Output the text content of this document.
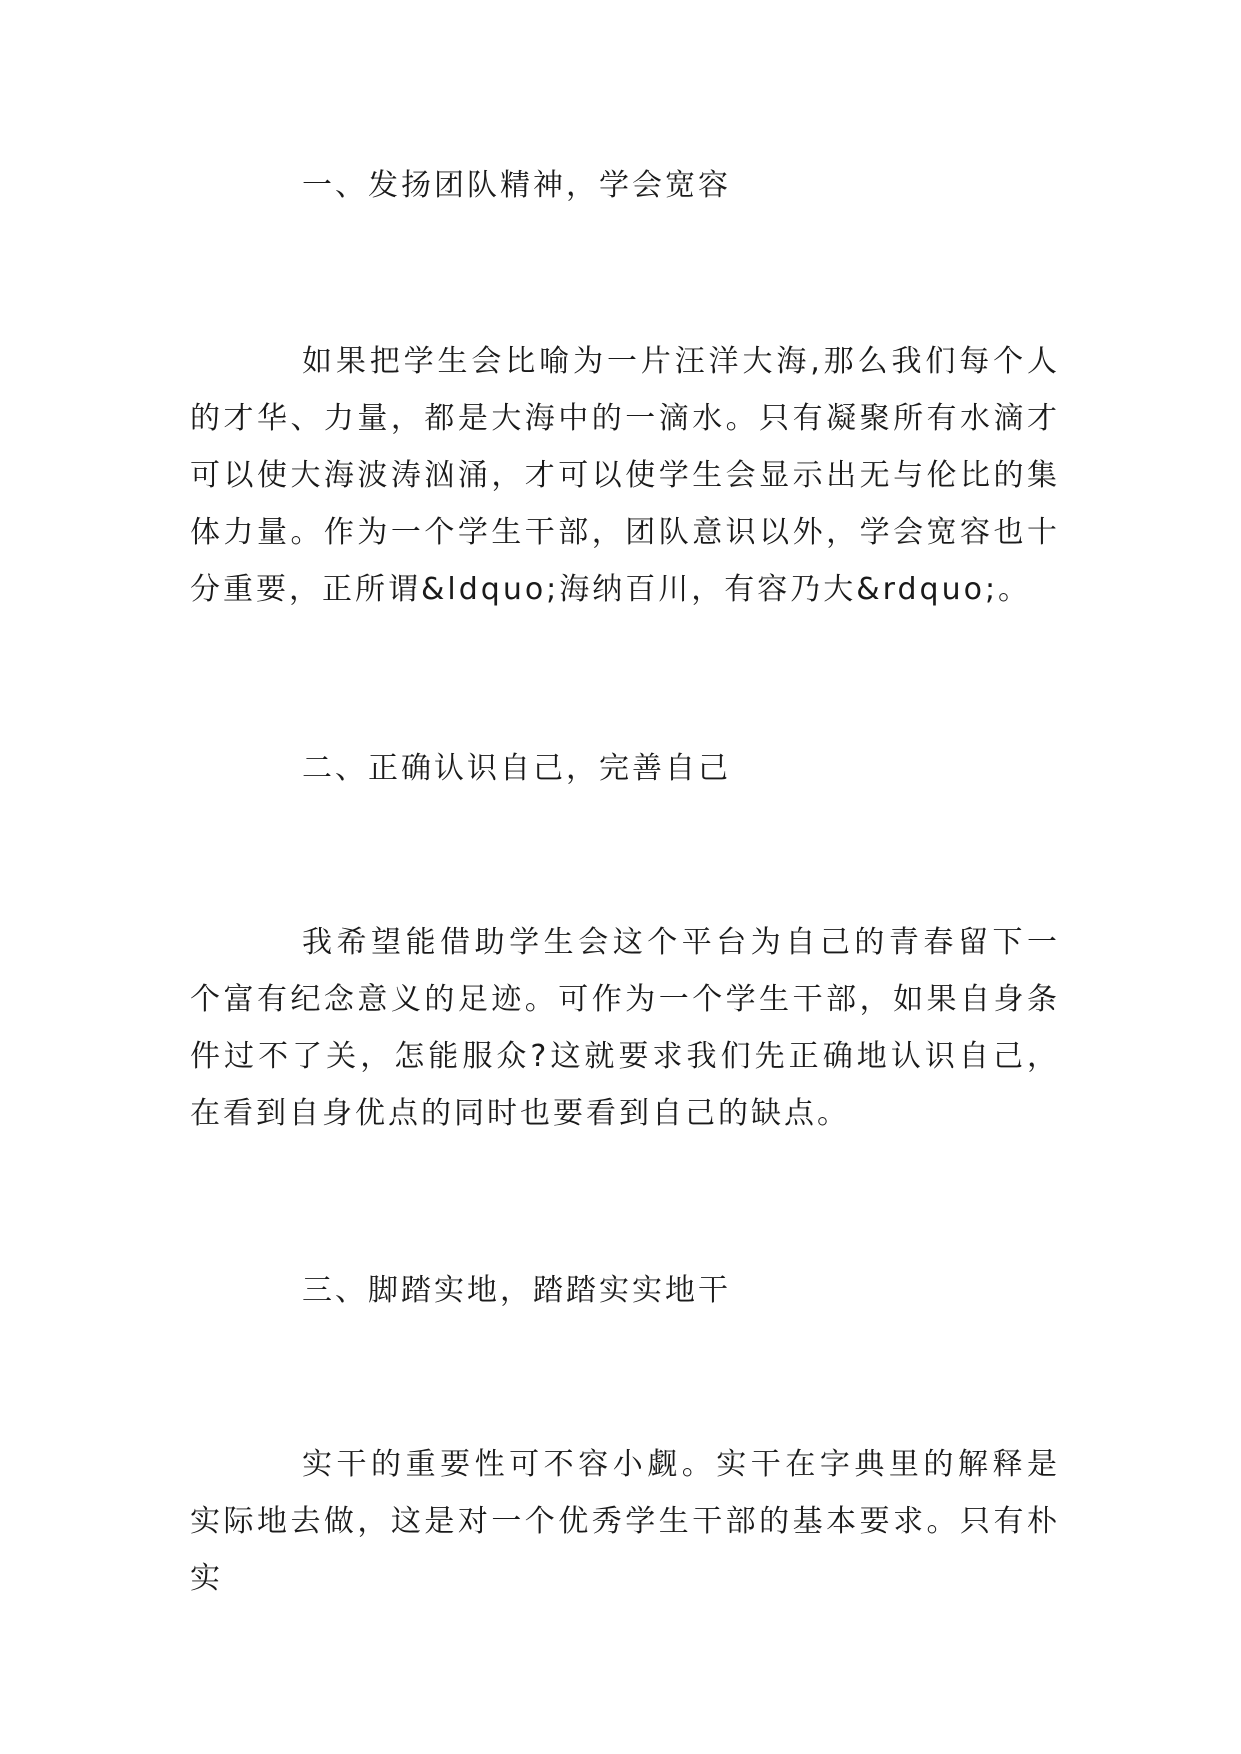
一、发扬团队精神，学会宽容
如果把学生会比喻为一片汪洋大海,那么我们每个人的才华、力量，都是大海中的一滴水。只有凝聚所有水滴才可以使大海波涛汹涌，才可以使学生会显示出无与伦比的集体力量。作为一个学生干部，团队意识以外，学会宽容也十分重要，正所谓&ldquo;海纳百川，有容乃大&rdquo;。
二、正确认识自己，完善自己
我希望能借助学生会这个平台为自己的青春留下一个富有纪念意义的足迹。可作为一个学生干部，如果自身条件过不了关，怎能服众?这就要求我们先正确地认识自己，在看到自身优点的同时也要看到自己的缺点。
三、脚踏实地，踏踏实实地干
实干的重要性可不容小觑。实干在字典里的解释是实际地去做，这是对一个优秀学生干部的基本要求。只有朴实
